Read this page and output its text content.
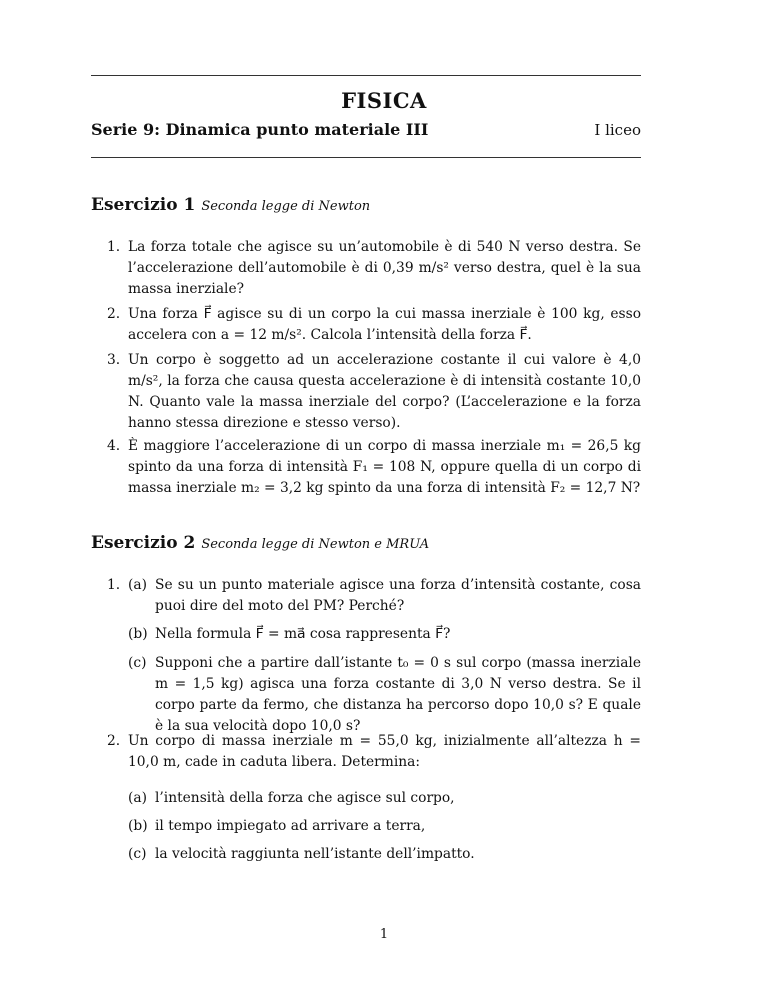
FISICA
Serie 9: Dinamica punto materiale III	I liceo
Esercizio 1 Seconda legge di Newton
1. La forza totale che agisce su un’automobile è di 540 N verso destra. Se l’accelerazione dell’automobile è di 0,39 m/s² verso destra, quel è la sua massa inerziale?
2. Una forza F⃗ agisce su di un corpo la cui massa inerziale è 100 kg, esso accelera con a = 12 m/s². Calcola l’intensità della forza F⃗.
3. Un corpo è soggetto ad un accelerazione costante il cui valore è 4,0 m/s², la forza che causa questa accelerazione è di intensità costante 10,0 N. Quanto vale la massa inerziale del corpo? (L’accelerazione e la forza hanno stessa direzione e stesso verso).
4. È maggiore l’accelerazione di un corpo di massa inerziale m₁ = 26,5 kg spinto da una forza di intensità F₁ = 108 N, oppure quella di un corpo di massa inerziale m₂ = 3,2 kg spinto da una forza di intensità F₂ = 12,7 N?
Esercizio 2 Seconda legge di Newton e MRUA
1. (a) Se su un punto materiale agisce una forza d’intensità costante, cosa puoi dire del moto del PM? Perché?
(b) Nella formula F⃗ = ma⃗ cosa rappresenta F⃗?
(c) Supponi che a partire dall’istante t₀ = 0 s sul corpo (massa inerziale m = 1,5 kg) agisca una forza costante di 3,0 N verso destra. Se il corpo parte da fermo, che distanza ha percorso dopo 10,0 s? E quale è la sua velocità dopo 10,0 s?
2. Un corpo di massa inerziale m = 55,0 kg, inizialmente all’altezza h = 10,0 m, cade in caduta libera. Determina:
(a) l’intensità della forza che agisce sul corpo,
(b) il tempo impiegato ad arrivare a terra,
(c) la velocità raggiunta nell’istante dell’impatto.
1
